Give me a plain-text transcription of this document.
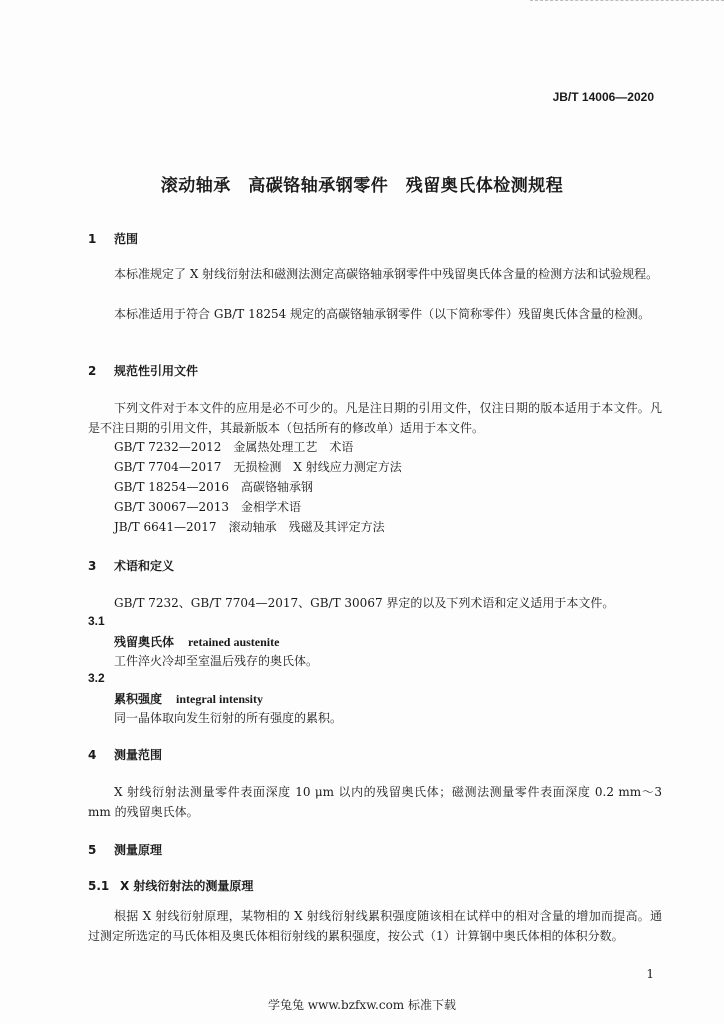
JB/T 14006—2020
滚动轴承　高碳铬轴承钢零件　残留奥氏体检测规程
1 范围
本标准规定了 X 射线衍射法和磁测法测定高碳铬轴承钢零件中残留奥氏体含量的检测方法和试验规程。
本标准适用于符合 GB/T 18254 规定的高碳铬轴承钢零件（以下简称零件）残留奥氏体含量的检测。
2 规范性引用文件
下列文件对于本文件的应用是必不可少的。凡是注日期的引用文件，仅注日期的版本适用于本文件。凡是不注日期的引用文件，其最新版本（包括所有的修改单）适用于本文件。
GB/T 7232—2012　金属热处理工艺　术语
GB/T 7704—2017　无损检测　X 射线应力测定方法
GB/T 18254—2016　高碳铬轴承钢
GB/T 30067—2013　金相学术语
JB/T 6641—2017　滚动轴承　残磁及其评定方法
3 术语和定义
GB/T 7232、GB/T 7704—2017、GB/T 30067 界定的以及下列术语和定义适用于本文件。
3.1
残留奥氏体 retained austenite
工件淬火冷却至室温后残存的奥氏体。
3.2
累积强度 integral intensity
同一晶体取向发生衍射的所有强度的累积。
4 测量范围
X 射线衍射法测量零件表面深度 10 μm 以内的残留奥氏体；磁测法测量零件表面深度 0.2 mm～3 mm 的残留奥氏体。
5 测量原理
5.1 X 射线衍射法的测量原理
根据 X 射线衍射原理，某物相的 X 射线衍射线累积强度随该相在试样中的相对含量的增加而提高。通过测定所选定的马氏体相及奥氏体相衍射线的累积强度，按公式（1）计算钢中奥氏体相的体积分数。
1
学兔兔 www.bzfxw.com 标准下载
